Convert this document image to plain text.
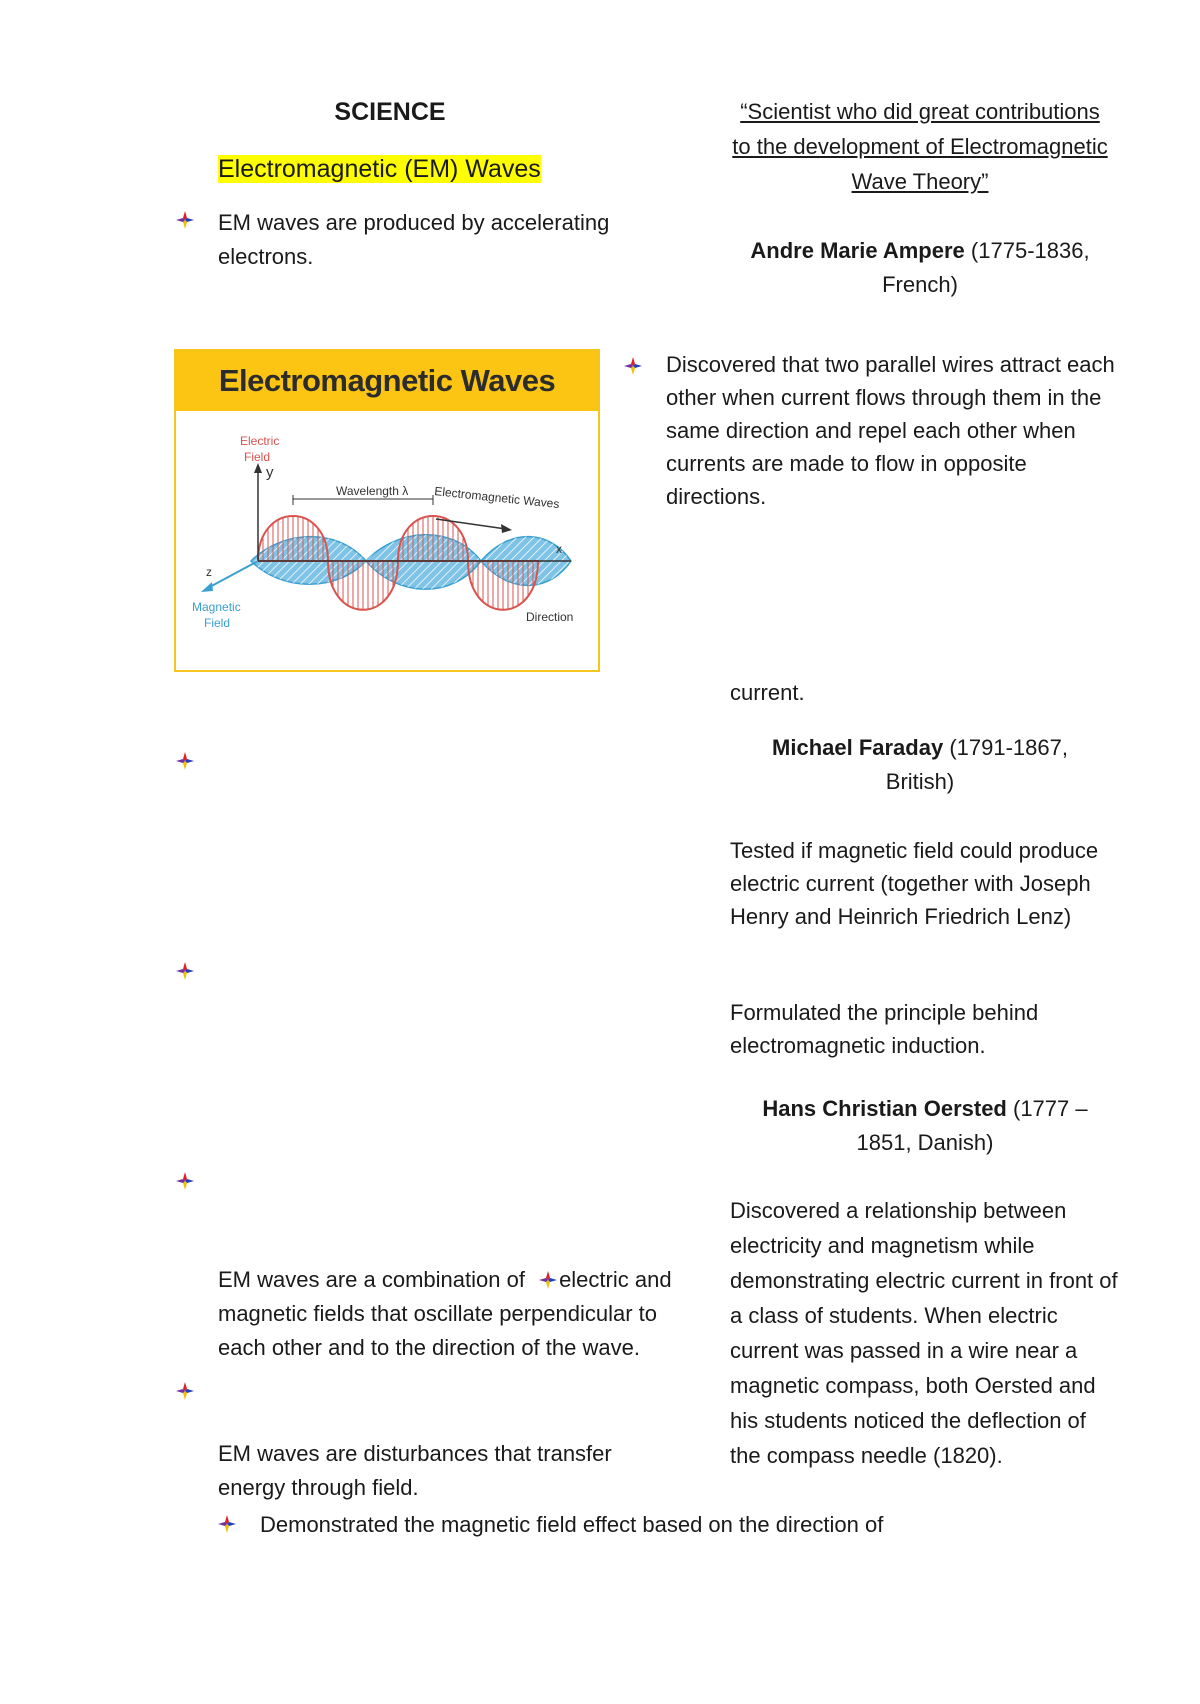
SCIENCE
Electromagnetic (EM) Waves
EM waves are produced by accelerating electrons.
Electromagnetic Waves
Electric
Field
y
Wavelength λ Electromagnetic Waves
z
x
Magnetic
Field	Direction
EM waves are a combination of electric and magnetic fields that oscillate perpendicular to each other and to the direction of the wave.
EM waves are disturbances that transfer energy through field.
Demonstrated the magnetic field effect based on the direction of
“Scientist who did great contributions to the development of Electromagnetic Wave Theory”
Andre Marie Ampere (1775-1836, French)
Discovered that two parallel wires attract each other when current flows through them in the same direction and repel each other when currents are made to flow in opposite directions.
current.
Michael Faraday (1791-1867, British)
Tested if magnetic field could produce electric current (together with Joseph Henry and Heinrich Friedrich Lenz)
Formulated the principle behind electromagnetic induction.
Hans Christian Oersted (1777 – 1851, Danish)
Discovered a relationship between electricity and magnetism while demonstrating electric current in front of a class of students. When electric current was passed in a wire near a magnetic compass, both Oersted and his students noticed the deflection of the compass needle (1820).
